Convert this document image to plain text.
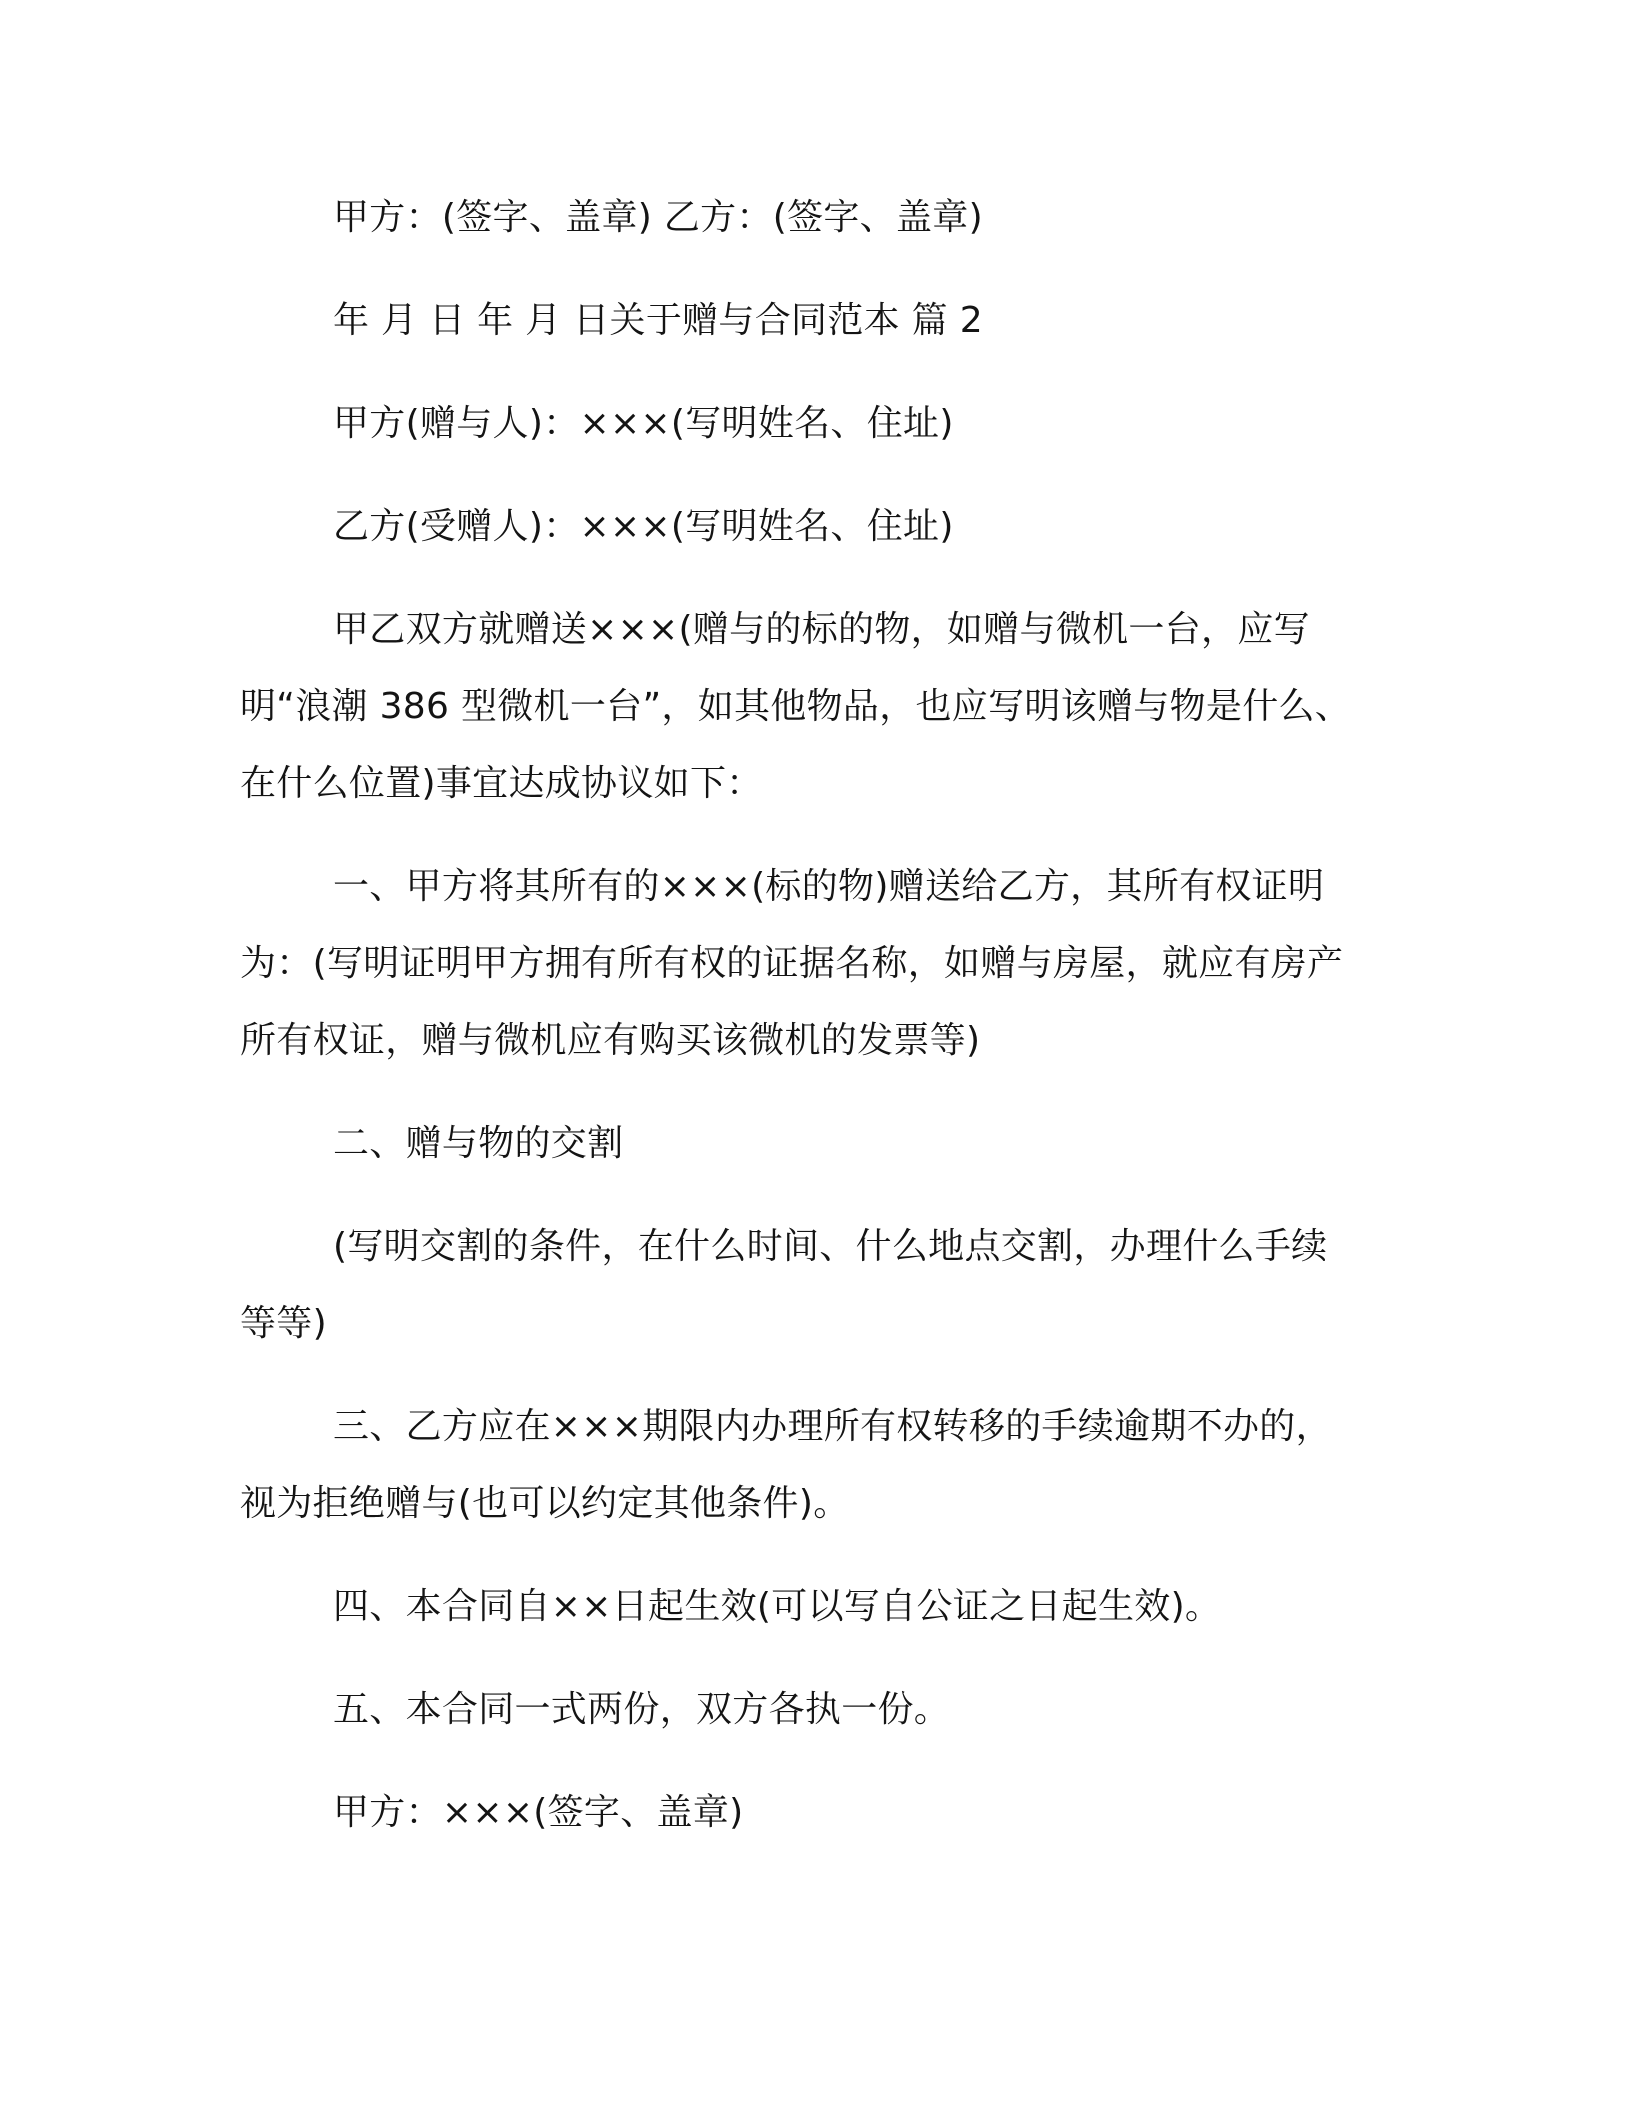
甲方：(签字、盖章) 乙方：(签字、盖章)
年 月 日 年 月 日关于赠与合同范本 篇 2
甲方(赠与人)：×××(写明姓名、住址)
乙方(受赠人)：×××(写明姓名、住址)
甲乙双方就赠送×××(赠与的标的物，如赠与微机一台，应写
明“浪潮 386 型微机一台”，如其他物品，也应写明该赠与物是什么、
在什么位置)事宜达成协议如下：
一、甲方将其所有的×××(标的物)赠送给乙方，其所有权证明
为：(写明证明甲方拥有所有权的证据名称，如赠与房屋，就应有房产
所有权证，赠与微机应有购买该微机的发票等)
二、赠与物的交割
(写明交割的条件，在什么时间、什么地点交割，办理什么手续
等等)
三、乙方应在×××期限内办理所有权转移的手续逾期不办的，
视为拒绝赠与(也可以约定其他条件)。
四、本合同自××日起生效(可以写自公证之日起生效)。
五、本合同一式两份，双方各执一份。
甲方：×××(签字、盖章)
